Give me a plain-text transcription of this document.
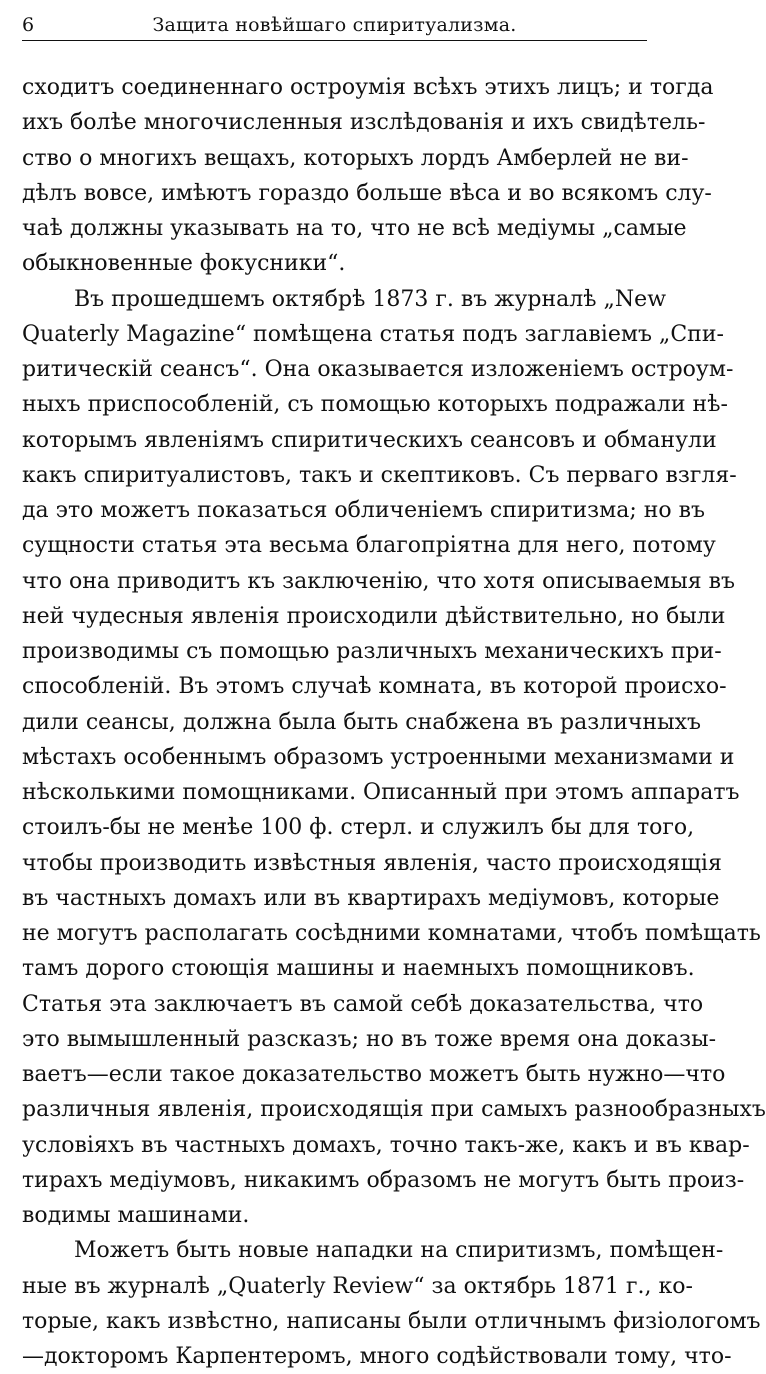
6	Защита новѣйшаго спиритуализма.
сходитъ соединеннаго остроумія всѣхъ этихъ лицъ; и тогда
ихъ болѣе многочисленныя изслѣдованія и ихъ свидѣтель-
ство о многихъ вещахъ, которыхъ лордъ Амберлей не ви-
дѣлъ вовсе, имѣютъ гораздо больше вѣса и во всякомъ слу-
чаѣ должны указывать на то, что не всѣ медіумы „самые
обыкновенные фокусники“.
Въ прошедшемъ октябрѣ 1873 г. въ журналѣ „New
Quaterly Magazine“ помѣщена статья подъ заглавіемъ „Спи-
ритическій сеансъ“. Она оказывается изложеніемъ остроум-
ныхъ приспособленій, съ помощью которыхъ подражали нѣ-
которымъ явленіямъ спиритическихъ сеансовъ и обманули
какъ спиритуалистовъ, такъ и скептиковъ. Съ перваго взгля-
да это можетъ показаться обличеніемъ спиритизма; но въ
сущности статья эта весьма благопріятна для него, потому
что она приводитъ къ заключенію, что хотя описываемыя въ
ней чудесныя явленія происходили дѣйствительно, но были
производимы съ помощью различныхъ механическихъ при-
способленій. Въ этомъ случаѣ комната, въ которой происхо-
дили сеансы, должна была быть снабжена въ различныхъ
мѣстахъ особеннымъ образомъ устроенными механизмами и
нѣсколькими помощниками. Описанный при этомъ аппаратъ
стоилъ-бы не менѣе 100 ф. стерл. и служилъ бы для того,
чтобы производить извѣстныя явленія, часто происходящія
въ частныхъ домахъ или въ квартирахъ медіумовъ, которые
не могутъ располагать сосѣдними комнатами, чтобъ помѣщать
тамъ дорого стоющія машины и наемныхъ помощниковъ.
Статья эта заключаетъ въ самой себѣ доказательства, что
это вымышленный разсказъ; но въ тоже время она доказы-
ваетъ—если такое доказательство можетъ быть нужно—что
различныя явленія, происходящія при самыхъ разнообразныхъ
условіяхъ въ частныхъ домахъ, точно такъ-же, какъ и въ квар-
тирахъ медіумовъ, никакимъ образомъ не могутъ быть произ-
водимы машинами.
Можетъ быть новые нападки на спиритизмъ, помѣщен-
ные въ журналѣ „Quaterly Review“ за октябрь 1871 г., ко-
торые, какъ извѣстно, написаны были отличнымъ физіологомъ
—докторомъ Карпентеромъ, много содѣйствовали тому, что-
